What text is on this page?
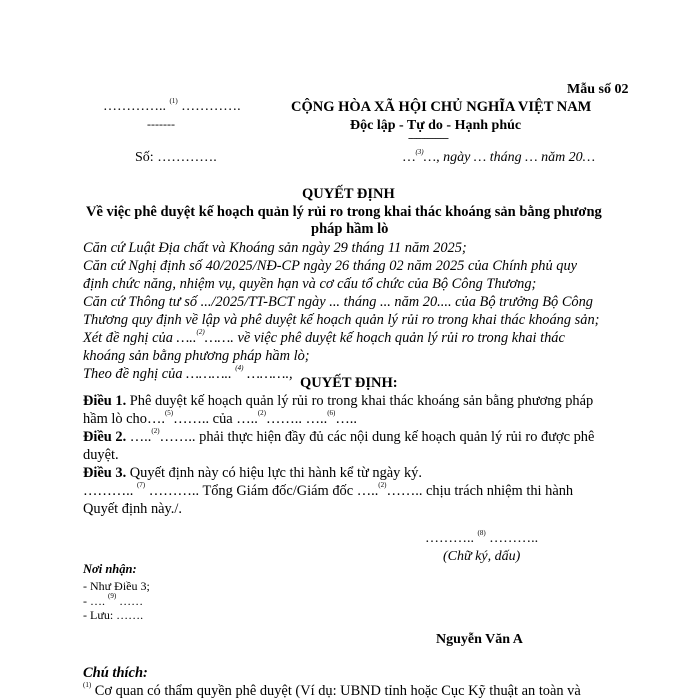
Mẫu số 02
………….. $^{(1)}$ ………….
-------
CỘNG HÒA XÃ HỘI CHỦ NGHĨA VIỆT NAM
Độc lập - Tự do - Hạnh phúc
---------------
Số: ………….	…$^{(3)}$…, ngày … tháng … năm 20…
QUYẾT ĐỊNH
Về việc phê duyệt kế hoạch quản lý rủi ro trong khai thác khoáng sản bằng phương
pháp hầm lò
Căn cứ Luật Địa chất và Khoáng sản ngày 29 tháng 11 năm 2025;
Căn cứ Nghị định số 40/2025/NĐ-CP ngày 26 tháng 02 năm 2025 của Chính phủ quy
định chức năng, nhiệm vụ, quyền hạn và cơ cấu tổ chức của Bộ Công Thương;
Căn cứ Thông tư số .../2025/TT-BCT ngày ... tháng ... năm 20.... của Bộ trưởng Bộ Công
Thương quy định về lập và phê duyệt kế hoạch quản lý rủi ro trong khai thác khoáng sản;
Xét đề nghị của …..$^{(2)}$……. về việc phê duyệt kế hoạch quản lý rủi ro trong khai thác
khoáng sản bằng phương pháp hầm lò;
Theo đề nghị của ……….. $^{(4)}$ ……….,
QUYẾT ĐỊNH:
Điều 1. Phê duyệt kế hoạch quản lý rủi ro trong khai thác khoáng sản bằng phương pháp
hầm lò cho….$^{(5)}$…….. của …..$^{(2)}$…….. …..$^{(6)}$…..
Điều 2. …..$^{(2)}$…….. phải thực hiện đầy đủ các nội dung kế hoạch quản lý rủi ro được phê
duyệt.
Điều 3. Quyết định này có hiệu lực thi hành kể từ ngày ký.
……….. $^{(7)}$ ……….. Tổng Giám đốc/Giám đốc …..$^{(2)}$…….. chịu trách nhiệm thi hành
Quyết định này./.
……….. $^{(8)}$ ………..
(Chữ ký, dấu)
Nơi nhận:
- Như Điều 3;
- …. $^{(9)}$ ……
- Lưu: …….
Nguyễn Văn A
Chú thích:
$^{(1)}$ Cơ quan có thẩm quyền phê duyệt (Ví dụ: UBND tỉnh hoặc Cục Kỹ thuật an toàn và
